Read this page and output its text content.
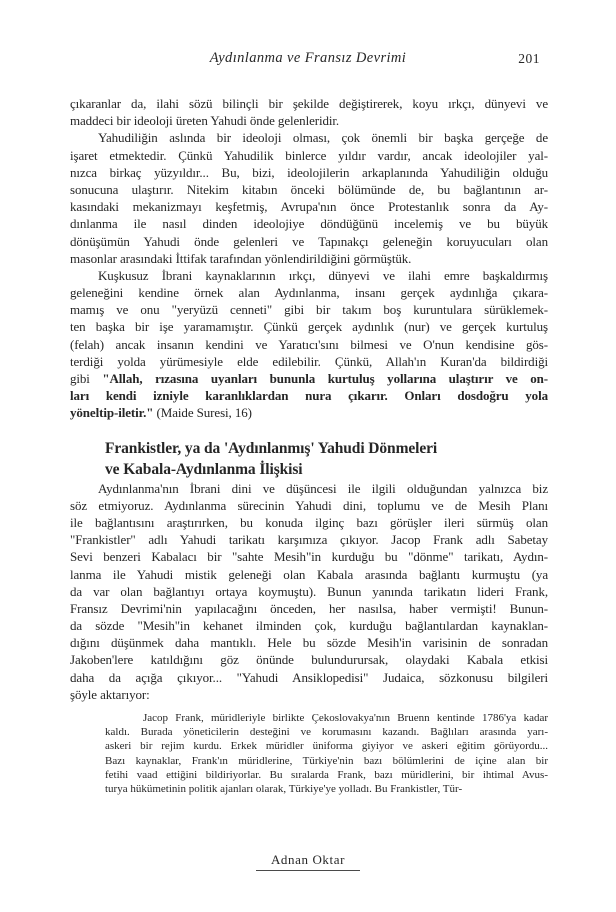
Aydınlanma ve Fransız Devrimi	201
çıkaranlar da, ilahi sözü bilinçli bir şekilde değiştirerek, koyu ırkçı, dünyevi ve
maddeci bir ideoloji üreten Yahudi önde gelenleridir.
Yahudiliğin aslında bir ideoloji olması, çok önemli bir başka gerçeğe de
işaret etmektedir. Çünkü Yahudilik binlerce yıldır vardır, ancak ideolojiler yal-
nızca birkaç yüzyıldır... Bu, bizi, ideolojilerin arkaplanında Yahudiliğin olduğu
sonucuna ulaştırır. Nitekim kitabın önceki bölümünde de, bu bağlantının ar-
kasındaki mekanizmayı keşfetmiş, Avrupa'nın önce Protestanlık sonra da Ay-
dınlanma ile nasıl dinden ideolojiye döndüğünü incelemiş ve bu büyük
dönüşümün Yahudi önde gelenleri ve Tapınakçı geleneğin koruyucuları olan
masonlar arasındaki İttifak tarafından yönlendirildiğini görmüştük.
Kuşkusuz İbrani kaynaklarının ırkçı, dünyevi ve ilahi emre başkaldırmış
geleneğini kendine örnek alan Aydınlanma, insanı gerçek aydınlığa çıkara-
mamış ve onu "yeryüzü cenneti" gibi bir takım boş kuruntulara sürüklemek-
ten başka bir işe yaramamıştır. Çünkü gerçek aydınlık (nur) ve gerçek kurtuluş
(felah) ancak insanın kendini ve Yaratıcı'sını bilmesi ve O'nun kendisine gös-
terdiği yolda yürümesiyle elde edilebilir. Çünkü, Allah'ın Kuran'da bildirdiği
gibi "Allah, rızasına uyanları bununla kurtuluş yollarına ulaştırır ve on-
ları kendi izniyle karanlıklardan nura çıkarır. Onları dosdoğru yola
yöneltip-iletir." (Maide Suresi, 16)
Frankistler, ya da 'Aydınlanmış' Yahudi Dönmeleri
ve Kabala-Aydınlanma İlişkisi
Aydınlanma'nın İbrani dini ve düşüncesi ile ilgili olduğundan yalnızca biz
söz etmiyoruz. Aydınlanma sürecinin Yahudi dini, toplumu ve de Mesih Planı
ile bağlantısını araştırırken, bu konuda ilginç bazı görüşler ileri sürmüş olan
"Frankistler" adlı Yahudi tarikatı karşımıza çıkıyor. Jacop Frank adlı Sabetay
Sevi benzeri Kabalacı bir "sahte Mesih"in kurduğu bu "dönme" tarikatı, Aydın-
lanma ile Yahudi mistik geleneği olan Kabala arasında bağlantı kurmuştu (ya
da var olan bağlantıyı ortaya koymuştu). Bunun yanında tarikatın lideri Frank,
Fransız Devrimi'nin yapılacağını önceden, her nasılsa, haber vermişti! Bunun-
da sözde "Mesih"in kehanet ilminden çok, kurduğu bağlantılardan kaynaklan-
dığını düşünmek daha mantıklı. Hele bu sözde Mesih'in varisinin de sonradan
Jakoben'lere katıldığını göz önünde bulundurursak, olaydaki Kabala etkisi
daha da açığa çıkıyor... "Yahudi Ansiklopedisi" Judaica, sözkonusu bilgileri
şöyle aktarıyor:
Jacop Frank, müridleriyle birlikte Çekoslovakya'nın Bruenn kentinde 1786'ya kadar
kaldı. Burada yöneticilerin desteğini ve korumasını kazandı. Bağlıları arasında yarı-
askeri bir rejim kurdu. Erkek müridler üniforma giyiyor ve askeri eğitim görüyordu...
Bazı kaynaklar, Frank'ın müridlerine, Türkiye'nin bazı bölümlerini de içine alan bir
fetihi vaad ettiğini bildiriyorlar. Bu sıralarda Frank, bazı müridlerini, bir ihtimal Avus-
turya hükümetinin politik ajanları olarak, Türkiye'ye yolladı. Bu Frankistler, Tür-
Adnan Oktar
